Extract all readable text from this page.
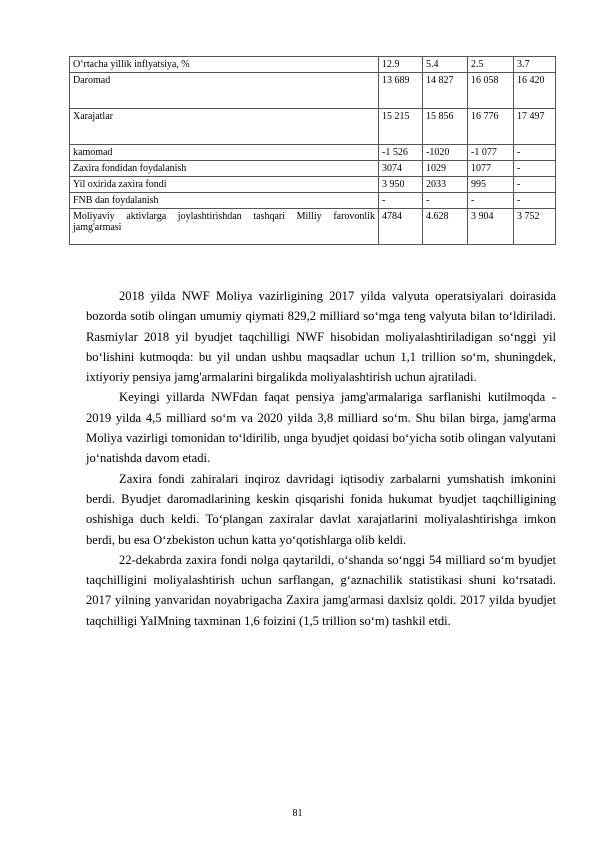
O‘rtacha yillik inflyatsiya, %	12.9	5.4	2.5	3.7
Daromad	13 689	14 827	16 058	16 420
Xarajatlar	15 215	15 856	16 776	17 497
kamomad	-1 526	-1020	-1 077	-
Zaxira fondidan foydalanish	3074	1029	1077	-
Yil oxirida zaxira fondi	3 950	2033	995	-
FNB dan foydalanish	-	-	-	-
Moliyaviy aktivlarga joylashtirishdan tashqari Milliy farovonlik jamg'armasi	4784	4.628	3 904	3 752

2018 yilda NWF Moliya vazirligining 2017 yilda valyuta operatsiyalari doirasida bozorda sotib olingan umumiy qiymati 829,2 milliard so‘mga teng valyuta bilan to‘ldiriladi. Rasmiylar 2018 yil byudjet taqchilligi NWF hisobidan moliyalashtiriladigan so‘nggi yil bo‘lishini kutmoqda: bu yil undan ushbu maqsadlar uchun 1,1 trillion so‘m, shuningdek, ixtiyoriy pensiya jamg'armalarini birgalikda moliyalashtirish uchun ajratiladi.

Keyingi yillarda NWFdan faqat pensiya jamg'armalariga sarflanishi kutilmoqda - 2019 yilda 4,5 milliard so‘m va 2020 yilda 3,8 milliard so‘m. Shu bilan birga, jamg'arma Moliya vazirligi tomonidan to‘ldirilib, unga byudjet qoidasi bo‘yicha sotib olingan valyutani jo‘natishda davom etadi.

Zaxira fondi zahiralari inqiroz davridagi iqtisodiy zarbalarni yumshatish imkonini berdi. Byudjet daromadlarining keskin qisqarishi fonida hukumat byudjet taqchilligining oshishiga duch keldi. To‘plangan zaxiralar davlat xarajatlarini moliyalashtirishga imkon berdi, bu esa O‘zbekiston uchun katta yo‘qotishlarga olib keldi.

22-dekabrda zaxira fondi nolga qaytarildi, o‘shanda so‘nggi 54 milliard so‘m byudjet taqchilligini moliyalashtirish uchun sarflangan, g‘aznachilik statistikasi shuni ko‘rsatadi. 2017 yilning yanvaridan noyabrigacha Zaxira jamg'armasi daxlsiz qoldi. 2017 yilda byudjet taqchilligi YaIMning taxminan 1,6 foizini (1,5 trillion so‘m) tashkil etdi.

81
